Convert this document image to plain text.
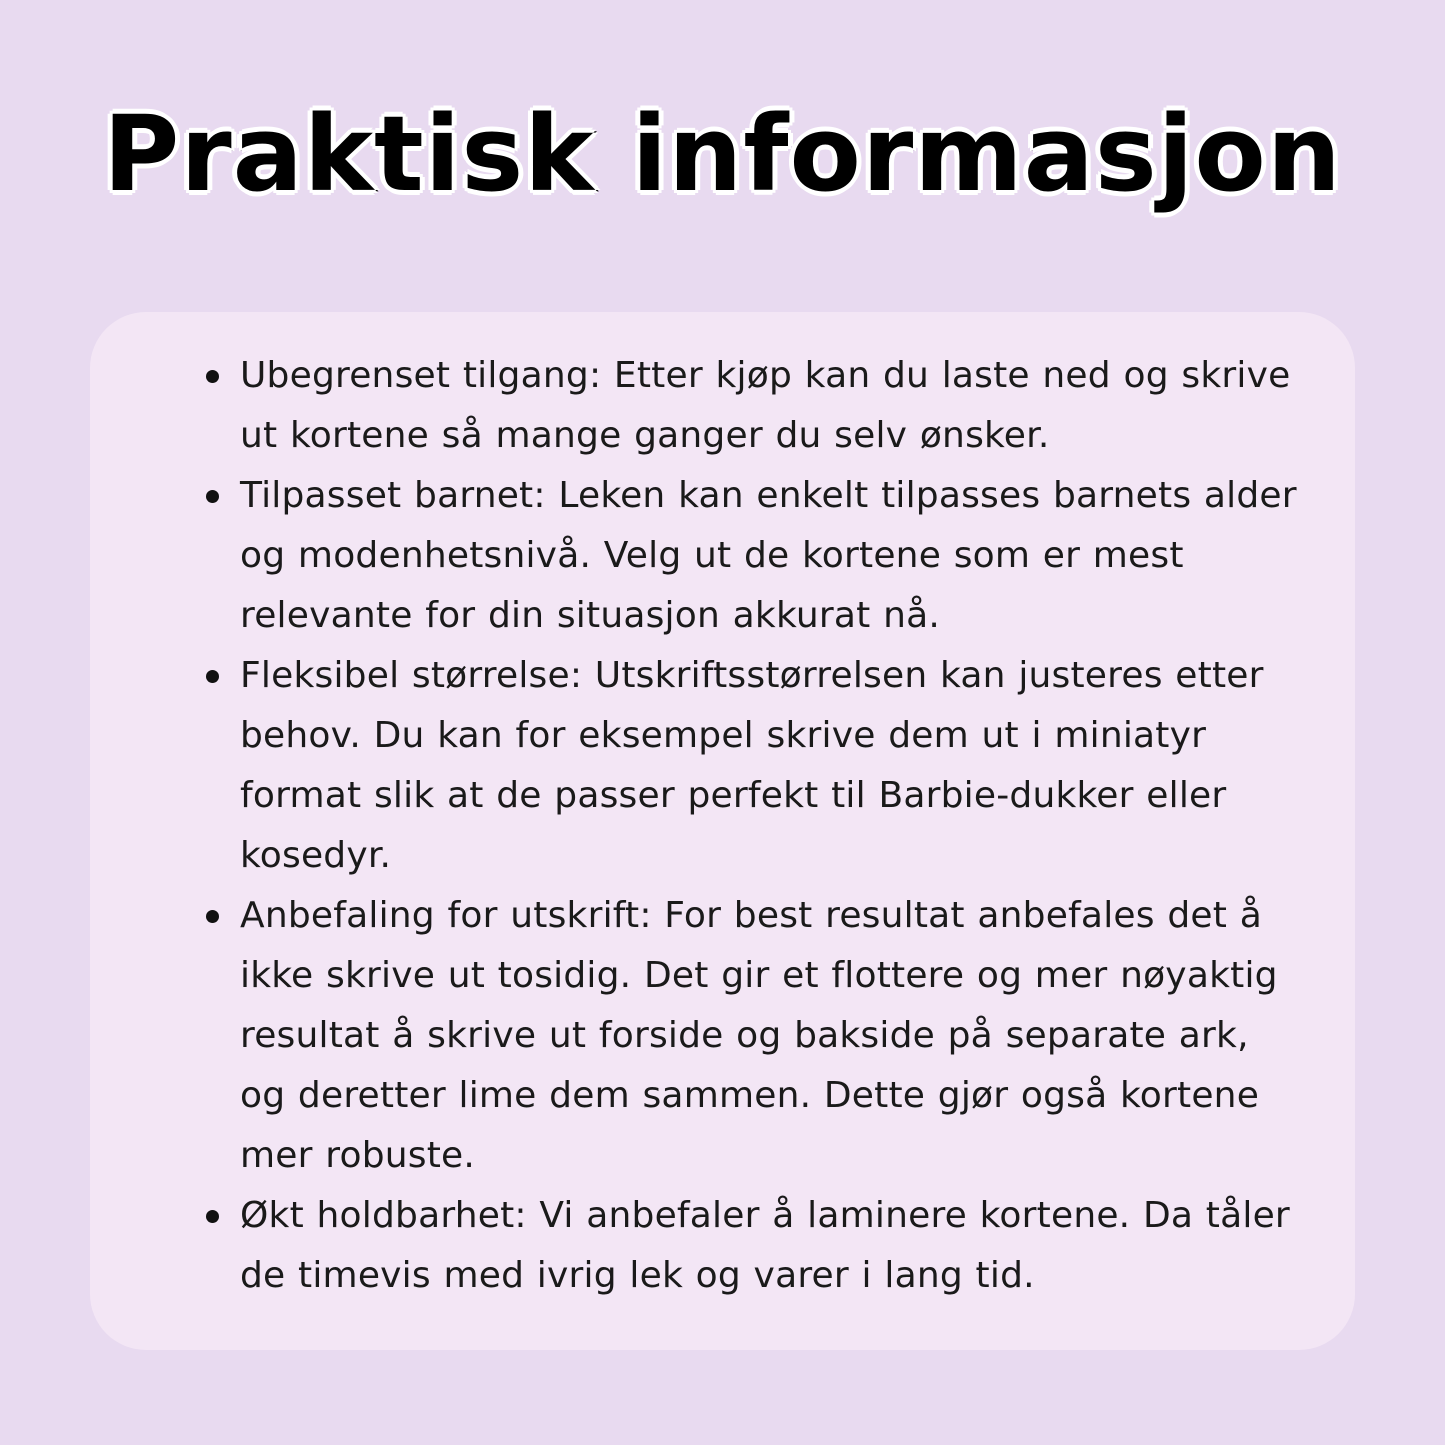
Praktisk informasjon
Ubegrenset tilgang: Etter kjøp kan du laste ned og skrive ut kortene så mange ganger du selv ønsker.
Tilpasset barnet: Leken kan enkelt tilpasses barnets alder og modenhetsnivå. Velg ut de kortene som er mest relevante for din situasjon akkurat nå.
Fleksibel størrelse: Utskriftsstørrelsen kan justeres etter behov. Du kan for eksempel skrive dem ut i miniatyr format slik at de passer perfekt til Barbie-dukker eller kosedyr.
Anbefaling for utskrift: For best resultat anbefales det å ikke skrive ut tosidig. Det gir et flottere og mer nøyaktig resultat å skrive ut forside og bakside på separate ark, og deretter lime dem sammen. Dette gjør også kortene mer robuste.
Økt holdbarhet: Vi anbefaler å laminere kortene. Da tåler de timevis med ivrig lek og varer i lang tid.
